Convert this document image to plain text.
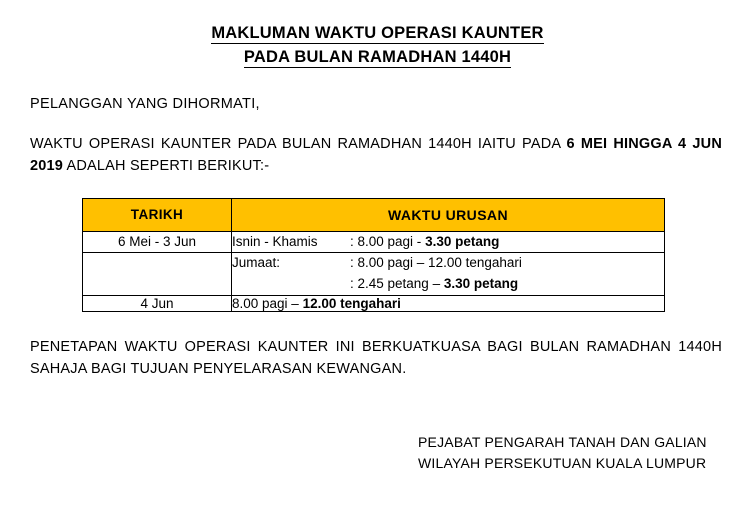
MAKLUMAN WAKTU OPERASI KAUNTER
PADA BULAN RAMADHAN 1440H
PELANGGAN YANG DIHORMATI,
WAKTU OPERASI KAUNTER PADA BULAN RAMADHAN 1440H IAITU PADA 6 MEI HINGGA 4 JUN 2019 ADALAH SEPERTI BERIKUT:-
TARIKH	WAKTU URUSAN
6 Mei - 3 Jun	Isnin - Khamis : 8.00 pagi - 3.30 petang

	Jumaat: : 8.00 pagi – 12.00 tengahari
: 2.45 petang – 3.30 petang

4 Jun	8.00 pagi – 12.00 tengahari
PENETAPAN WAKTU OPERASI KAUNTER INI BERKUATKUASA BAGI BULAN RAMADHAN 1440H SAHAJA BAGI TUJUAN PENYELARASAN KEWANGAN.
PEJABAT PENGARAH TANAH DAN GALIAN
WILAYAH PERSEKUTUAN KUALA LUMPUR
